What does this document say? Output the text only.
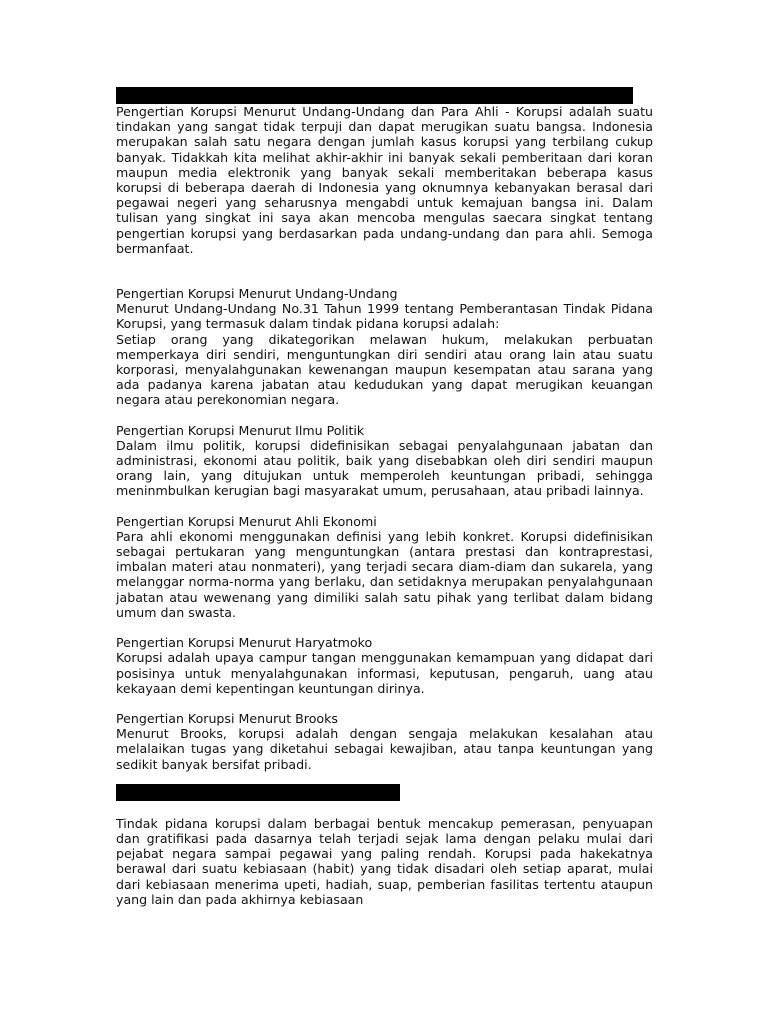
Pengertian Korupsi Menurut Undang-Undang dan Para Ahli - Korupsi adalah suatu tindakan yang sangat tidak terpuji dan dapat merugikan suatu bangsa. Indonesia merupakan salah satu negara dengan jumlah kasus korupsi yang terbilang cukup banyak. Tidakkah kita melihat akhir-akhir ini banyak sekali pemberitaan dari koran maupun media elektronik yang banyak sekali memberitakan beberapa kasus korupsi di beberapa daerah di Indonesia yang oknumnya kebanyakan berasal dari pegawai negeri yang seharusnya mengabdi untuk kemajuan bangsa ini. Dalam tulisan yang singkat ini saya akan mencoba mengulas saecara singkat tentang pengertian korupsi yang berdasarkan pada undang-undang dan para ahli. Semoga bermanfaat.

Pengertian Korupsi Menurut Undang-Undang

Menurut Undang-Undang No.31 Tahun 1999 tentang Pemberantasan Tindak Pidana Korupsi, yang termasuk dalam tindak pidana korupsi adalah:

Setiap orang yang dikategorikan melawan hukum, melakukan perbuatan memperkaya diri sendiri, menguntungkan diri sendiri atau orang lain atau suatu korporasi, menyalahgunakan kewenangan maupun kesempatan atau sarana yang ada padanya karena jabatan atau kedudukan yang dapat merugikan keuangan negara atau perekonomian negara.

Pengertian Korupsi Menurut Ilmu Politik

Dalam ilmu politik, korupsi didefinisikan sebagai penyalahgunaan jabatan dan administrasi, ekonomi atau politik, baik yang disebabkan oleh diri sendiri maupun orang lain, yang ditujukan untuk memperoleh keuntungan pribadi, sehingga meninmbulkan kerugian bagi masyarakat umum, perusahaan, atau pribadi lainnya.

Pengertian Korupsi Menurut Ahli Ekonomi

Para ahli ekonomi menggunakan definisi yang lebih konkret. Korupsi didefinisikan sebagai pertukaran yang menguntungkan (antara prestasi dan kontraprestasi, imbalan materi atau nonmateri), yang terjadi secara diam-diam dan sukarela, yang melanggar norma-norma yang berlaku, dan setidaknya merupakan penyalahgunaan jabatan atau wewenang yang dimiliki salah satu pihak yang terlibat dalam bidang umum dan swasta.

Pengertian Korupsi Menurut Haryatmoko

Korupsi adalah upaya campur tangan menggunakan kemampuan yang didapat dari posisinya untuk menyalahgunakan informasi, keputusan, pengaruh, uang atau kekayaan demi kepentingan keuntungan dirinya.

Pengertian Korupsi Menurut Brooks

Menurut Brooks, korupsi adalah dengan sengaja melakukan kesalahan atau melalaikan tugas yang diketahui sebagai kewajiban, atau tanpa keuntungan yang sedikit banyak bersifat pribadi.

Tindak pidana korupsi dalam berbagai bentuk mencakup pemerasan, penyuapan dan gratifikasi pada dasarnya telah terjadi sejak lama dengan pelaku mulai dari pejabat negara sampai pegawai yang paling rendah. Korupsi pada hakekatnya berawal dari suatu kebiasaan (habit) yang tidak disadari oleh setiap aparat, mulai dari kebiasaan menerima upeti, hadiah, suap, pemberian fasilitas tertentu ataupun yang lain dan pada akhirnya kebiasaan
